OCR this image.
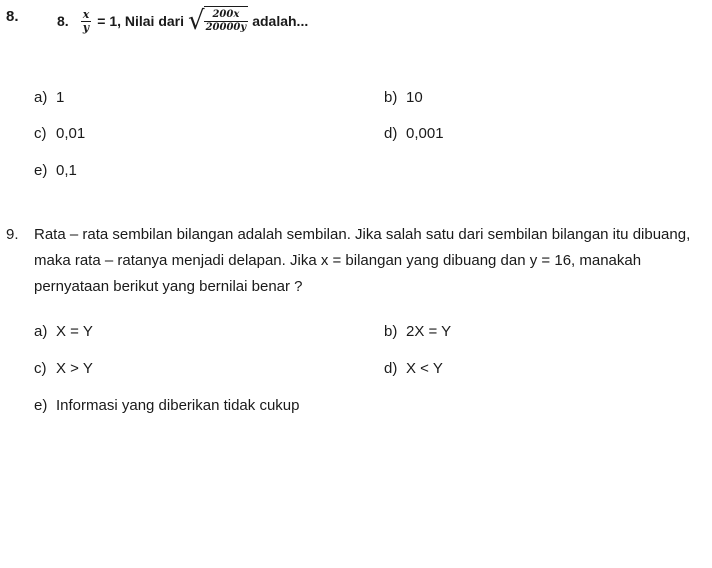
8.	8. $\frac{x}{y} = 1$, Nilai dari √ $\frac{200x}{20000y}$ adalah...
a) 1	b) 10
c) 0,01	d) 0,001
e) 0,1
9. Rata – rata sembilan bilangan adalah sembilan. Jika salah satu dari sembilan bilangan itu dibuang,
maka rata – ratanya menjadi delapan. Jika x = bilangan yang dibuang dan y = 16, manakah
pernyataan berikut yang bernilai benar ?
a) X = Y	b) 2X = Y
c) X > Y	d) X < Y
e) Informasi yang diberikan tidak cukup
